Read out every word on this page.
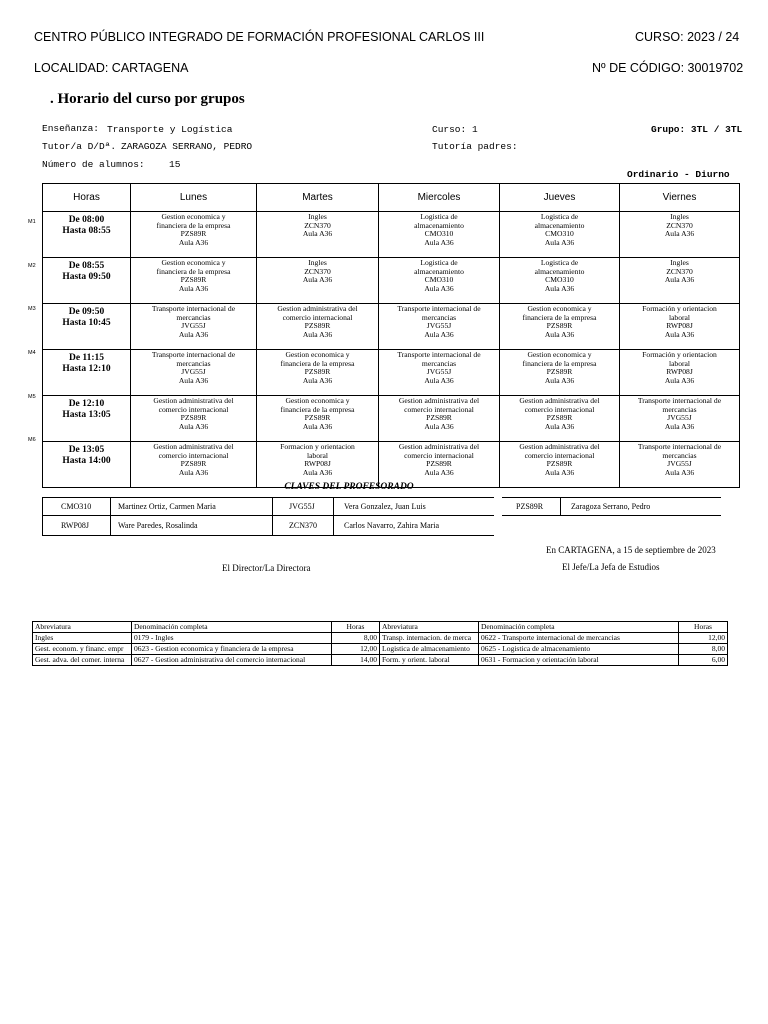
CENTRO PÚBLICO INTEGRADO DE FORMACIÓN PROFESIONAL CARLOS III	CURSO: 2023 / 24
LOCALIDAD: CARTAGENA	Nº DE CÓDIGO: 30019702
. Horario del curso por grupos
Enseñanza: Transporte y Logística	Curso: 1	Grupo: 3TL / 3TL
Tutor/a D/Dª. ZARAGOZA SERRANO, PEDRO	Tutoría padres:
Número de alumnos:	15
Ordinario - Diurno
M1
M2
M3
M4
M5
M6
Horas	Lunes	Martes	Miercoles	Jueves	Viernes

De 08:00
Hasta 08:55	Gestion economica y
financiera de la empresa
PZS89R
Aula A36	Ingles
ZCN370
Aula A36	Logistica de
almacenamiento
CMO310
Aula A36	Logistica de
almacenamiento
CMO310
Aula A36	Ingles
ZCN370
Aula A36

De 08:55
Hasta 09:50	Gestion economica y
financiera de la empresa
PZS89R
Aula A36	Ingles
ZCN370
Aula A36	Logistica de
almacenamiento
CMO310
Aula A36	Logistica de
almacenamiento
CMO310
Aula A36	Ingles
ZCN370
Aula A36

De 09:50
Hasta 10:45	Transporte internacional de
mercancias
JVG55J
Aula A36	Gestion administrativa del
comercio internacional
PZS89R
Aula A36	Transporte internacional de
mercancias
JVG55J
Aula A36	Gestion economica y
financiera de la empresa
PZS89R
Aula A36	Formación y orientacion
laboral
RWP08J
Aula A36

De 11:15
Hasta 12:10	Transporte internacional de
mercancias
JVG55J
Aula A36	Gestion economica y
financiera de la empresa
PZS89R
Aula A36	Transporte internacional de
mercancias
JVG55J
Aula A36	Gestion economica y
financiera de la empresa
PZS89R
Aula A36	Formación y orientacion
laboral
RWP08J
Aula A36

De 12:10
Hasta 13:05	Gestion administrativa del
comercio internacional
PZS89R
Aula A36	Gestion economica y
financiera de la empresa
PZS89R
Aula A36	Gestion administrativa del
comercio internacional
PZS89R
Aula A36	Gestion administrativa del
comercio internacional
PZS89R
Aula A36	Transporte internacional de
mercancias
JVG55J
Aula A36

De 13:05
Hasta 14:00	Gestion administrativa del
comercio internacional
PZS89R
Aula A36	Formacion y orientacion
laboral
RWP08J
Aula A36	Gestion administrativa del
comercio internacional
PZS89R
Aula A36	Gestion administrativa del
comercio internacional
PZS89R
Aula A36	Transporte internacional de
mercancias
JVG55J
Aula A36
CLAVES DEL PROFESORADO
CMO310	Martinez Ortiz, Carmen Maria	JVG55J	Vera Gonzalez, Juan Luis	PZS89R	Zaragoza Serrano, Pedro
RWP08J	Ware Paredes, Rosalinda	ZCN370	Carlos Navarro, Zahira Maria
En CARTAGENA, a 15 de septiembre de 2023
El Director/La Directora	El Jefe/La Jefa de Estudios
Abreviatura	Denominación completa	Horas	Abreviatura	Denominación completa	Horas
Ingles	0179 - Ingles	8,00	Transp. internacion. de merca	0622 - Transporte internacional de mercancias	12,00
Gest. econom. y financ. empr	0623 - Gestion economica y financiera de la empresa	12,00	Logistica de almacenamiento	0625 - Logistica de almacenamiento	8,00
Gest. adva. del comer. interna	0627 - Gestion administrativa del comercio internacional	14,00	Form. y orient. laboral	0631 - Formacion y orientación laboral	6,00
